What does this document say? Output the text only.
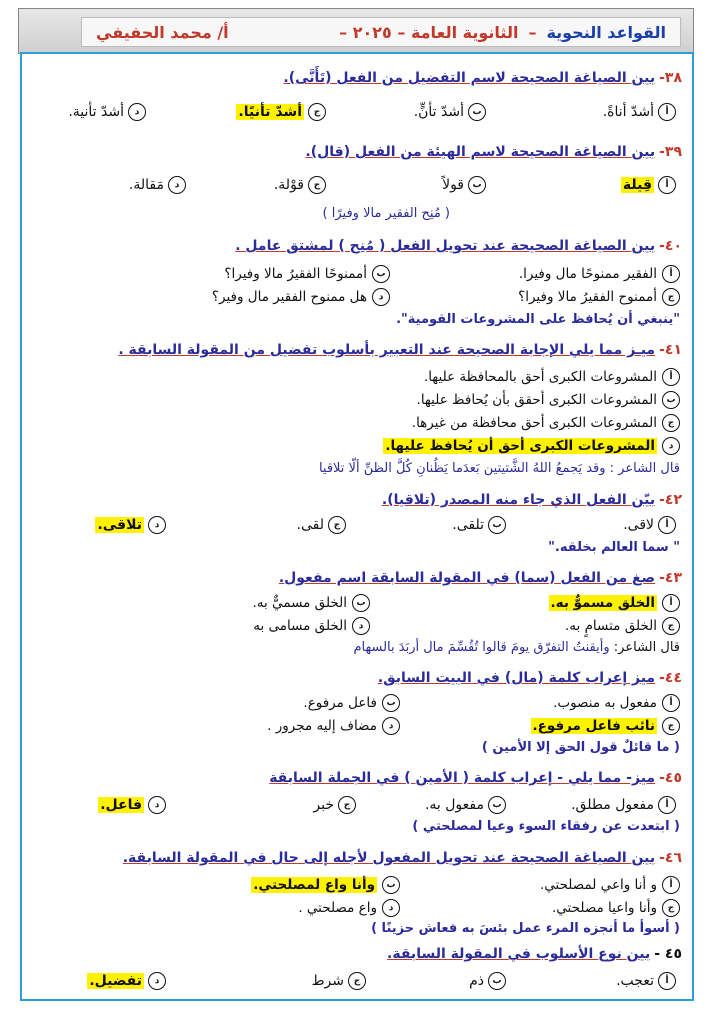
القواعد النحوية
–
الثانوية العامة – ٢٠٢٥ –
أ/ محمد الحفيفي
٣٨-بين الصياغة الصحيحة لاسم التفضيل من الفعل (تَأَنَّى).
أ
أشدّ أناةً.
ب
أشدّ تأنٍّ.
ج
أشدّ تأنيًا.
د
أشدّ تأنية.
٣٩-بين الصياغة الصحيحة لاسم الهيئة من الفعل (قال).
أ
قِيلة
ب
قولاً
ج
قوْلة.
د
مَقالة.
( مُنِح الفقير مالا وفيرًا )
٤٠-بين الصياغة الصحيحة عند تحويل الفعل ( مُنِح ) لمشتق عامل .
أ
الفقير ممنوحًا مال وفيرا.
ب
أممنوحًا الفقيرُ مالا وفيرا؟
ج
أممنوح الفقيرُ مالا وفيرا؟
د
هل ممنوح الفقير مال وفير؟
"ينبغي أن يُحافظ على المشروعات القومية".
٤١-ميـز مما يلي الإجابة الصحيحة عند التعبير بأسلوب تفضيل من المقولة السابقة .
أ
المشروعات الكبرى أحق بالمحافظة عليها.
ب
المشروعات الكبرى أحقق بأن يُحافظ عليها.
ج
المشروعات الكبرى أحق محافظة من غيرها.
د
المشروعات الكبرى أحق أن يُحافظ عليها.
قال الشاعر : وقد يَجمعُ اللهُ الشَّتيتين بَعدَما يَظُنانِ كُلَّ الظنِّ ألّا تلاقيا
٤٢-بيّن الفعل الذي جاء منه المصدر (تلاقيا).
أ
لاقى.
ب
تلقى.
ج
لقى.
د
تلاقى.
" سما العالم بخلقه."
٤٣-صغ من الفعل (سما) في المقولة السابقة اسم مفعول.
أ
الخلق مسموٌّ به.
ب
الخلق مسميٌّ به.
ج
الخلق متسامٍ به.
د
الخلق مسامى به
قال الشاعر: وأيقنتُ التفرّق يومَ قالوا تُقُسِّمَ مال أربَدَ بالسهام
٤٤-ميز إعراب كلمة (مال) في البيت السابق.
أ
مفعول به منصوب.
ب
فاعل مرفوع.
ج
نائب فاعل مرفوع.
د
مضاف إليه مجرور .
( ما قائلٌ قول الحق إلا الأمين )
٤٥-ميز- مما يلي - إعراب كلمة ( الأمين ) في الجملة السابقة
أ
مفعول مطلق.
ب
مفعول به.
ج
خبر
د
فاعل.
( ابتعدت عن رفقاء السوء وعيا لمصلحتي )
٤٦-بين الصياغة الصحيحة عند تحويل المفعول لأجله إلى حال في المقولة السابقة.
أ
و أنا واعي لمصلحتي.
ب
وأنا واع لمصلحتي.
ج
وأنا واعيا مصلحتي.
د
واع مصلحتي .
( أسوأ ما أنجزه المرء عمل بئسَ به فعاش حزينًا )
٤٥ -بين نوع الأسلوب في المقولة السابقة.
أ
تعجب.
ب
ذم
ج
شرط
د
تفضيل.
